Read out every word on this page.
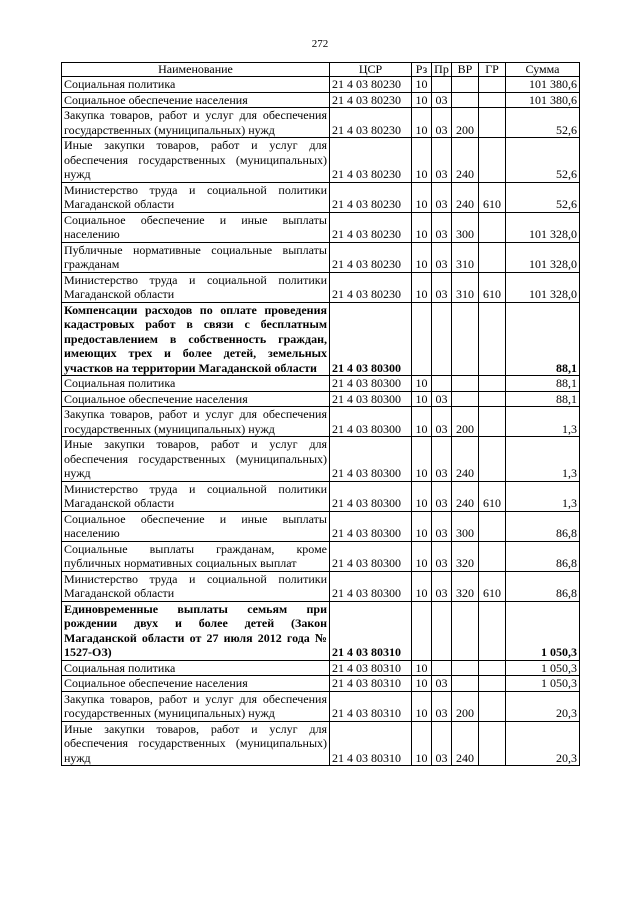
272
Наименование	ЦСР	Рз	Пр	ВР	ГР	Сумма
Социальная политика	21 4 03 80230	10				101 380,6
Социальное обеспечение населения	21 4 03 80230	10	03			101 380,6
Закупка товаров, работ и услуг для обеспечения государственных (муниципальных) нужд	21 4 03 80230	10	03	200		52,6
Иные закупки товаров, работ и услуг для обеспечения государственных (муниципальных) нужд	21 4 03 80230	10	03	240		52,6
Министерство труда и социальной политики Магаданской области	21 4 03 80230	10	03	240	610	52,6
Социальное обеспечение и иные выплаты населению	21 4 03 80230	10	03	300		101 328,0
Публичные нормативные социальные выплаты гражданам	21 4 03 80230	10	03	310		101 328,0
Министерство труда и социальной политики Магаданской области	21 4 03 80230	10	03	310	610	101 328,0
Компенсации расходов по оплате проведения кадастровых работ в связи с бесплатным предоставлением в собственность граждан, имеющих трех и более детей, земельных участков на территории Магаданской области	21 4 03 80300					88,1
Социальная политика	21 4 03 80300	10				88,1
Социальное обеспечение населения	21 4 03 80300	10	03			88,1
Закупка товаров, работ и услуг для обеспечения государственных (муниципальных) нужд	21 4 03 80300	10	03	200		1,3
Иные закупки товаров, работ и услуг для обеспечения государственных (муниципальных) нужд	21 4 03 80300	10	03	240		1,3
Министерство труда и социальной политики Магаданской области	21 4 03 80300	10	03	240	610	1,3
Социальное обеспечение и иные выплаты населению	21 4 03 80300	10	03	300		86,8
Социальные выплаты гражданам, кроме публичных нормативных социальных выплат	21 4 03 80300	10	03	320		86,8
Министерство труда и социальной политики Магаданской области	21 4 03 80300	10	03	320	610	86,8
Единовременные выплаты семьям при рождении двух и более детей (Закон Магаданской области от 27 июля 2012 года № 1527-ОЗ)	21 4 03 80310					1 050,3
Социальная политика	21 4 03 80310	10				1 050,3
Социальное обеспечение населения	21 4 03 80310	10	03			1 050,3
Закупка товаров, работ и услуг для обеспечения государственных (муниципальных) нужд	21 4 03 80310	10	03	200		20,3
Иные закупки товаров, работ и услуг для обеспечения государственных (муниципальных) нужд	21 4 03 80310	10	03	240		20,3
